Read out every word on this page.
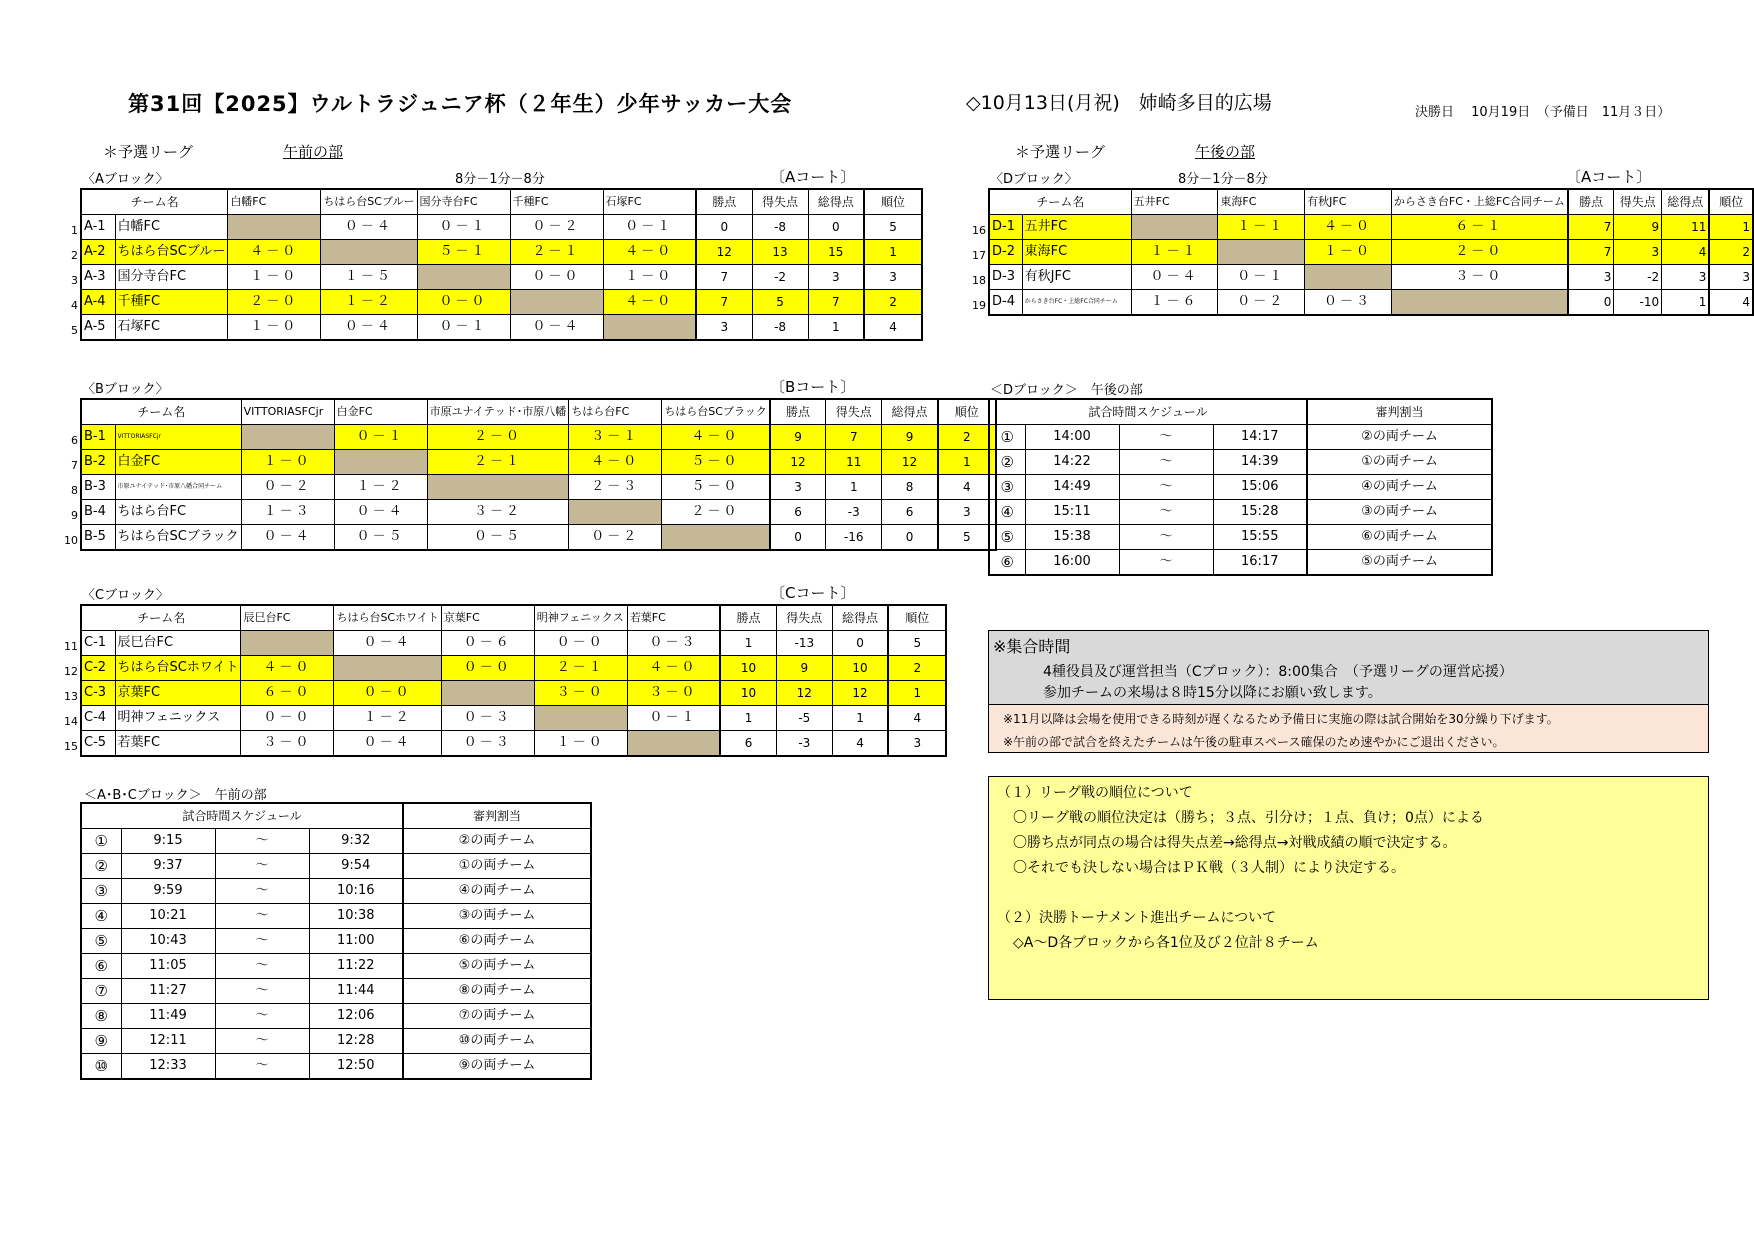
第31回【2025】ウルトラジュニア杯（２年生）少年サッカー大会	◇10月13日(月祝)　姉崎多目的広場	決勝日　 10月19日　（予備日　11月３日）
＊予選リーグ	午前の部	午後の部
＊予選リーグ
〈Aブロック〉	8分－1分－8分	〔Aコート〕
1
2
3
4
5
チーム名		白幡FC	ちはら台SCブルー	国分寺台FC	千種FC	石塚FC	勝点	得失点	総得点	順位
A-1	白幡FC		０－４	０－１	０－２	０－１	0	-8	0	5
A-2	ちはら台SCブルー	４－０		５－１	２－１	４－０	12	13	15	1
A-3	国分寺台FC	１－０	１－５		０－０	１－０	7	-2	3	3
A-4	千種FC	２－０	１－２	０－０		４－０	7	5	7	2
A-5	石塚FC	１－０	０－４	０－１	０－４		3	-8	1	4
〈Bブロック〉	〔Bコート〕
6
7
8
9
10
チーム名		VITTORIASFCjr	白金FC	市原ユナイテッド･市原八幡	ちはら台FC	ちはら台SCブラック	勝点	得失点	総得点	順位
B-1	VITTORIASFCjr		０－１	２－０	３－１	４－０	9	7	9	2
B-2	白金FC	１－０		２－１	４－０	５－０	12	11	12	1
B-3	市原ユナイテッド･市原八幡合同チーム	０－２	１－２		２－３	５－０	3	1	8	4
B-4	ちはら台FC	１－３	０－４	３－２		２－０	6	-3	6	3
B-5	ちはら台SCブラック	０－４	０－５	０－５	０－２		0	-16	0	5
〈Cブロック〉	〔Cコート〕
11
12
13
14
15
チーム名		辰巳台FC	ちはら台SCホワイト	京葉FC	明神フェニックス	若葉FC	勝点	得失点	総得点	順位
C-1	辰巳台FC		０－４	０－６	０－０	０－３	1	-13	0	5
C-2	ちはら台SCホワイト	４－０		０－０	２－１	４－０	10	9	10	2
C-3	京葉FC	６－０	０－０		３－０	３－０	10	12	12	1
C-4	明神フェニックス	０－０	１－２	０－３		０－１	1	-5	1	4
C-5	若葉FC	３－０	０－４	０－３	１－０		6	-3	4	3
〈Dブロック〉	8分－1分－8分	〔Aコート〕
16
17
18
19
チーム名		五井FC	東海FC	有秋JFC	からさき台FC・上総FC合同チーム	勝点	得失点	総得点	順位
D-1	五井FC		１－１	４－０	６－１	7	9	11	1
D-2	東海FC	１－１		１－０	２－０	7	3	4	2
D-3	有秋JFC	０－４	０－１		３－０	3	-2	3	3
D-4	からさき台FC・上総FC合同チーム	１－６	０－２	０－３		0	-10	1	4
＜Dブロック＞　午後の部
試合時間スケジュール				審判割当
①	14:00	～	14:17	②の両チーム
②	14:22	～	14:39	①の両チーム
③	14:49	～	15:06	④の両チーム
④	15:11	～	15:28	③の両チーム
⑤	15:38	～	15:55	⑥の両チーム
⑥	16:00	～	16:17	⑤の両チーム
＜A･B･Cブロック＞　午前の部
試合時間スケジュール				審判割当
①	9:15	～	9:32	②の両チーム
②	9:37	～	9:54	①の両チーム
③	9:59	～	10:16	④の両チーム
④	10:21	～	10:38	③の両チーム
⑤	10:43	～	11:00	⑥の両チーム
⑥	11:05	～	11:22	⑤の両チーム
⑦	11:27	～	11:44	⑧の両チーム
⑧	11:49	～	12:06	⑦の両チーム
⑨	12:11	～	12:28	⑩の両チーム
⑩	12:33	～	12:50	⑨の両チーム
※集合時間
4種役員及び運営担当（Cブロック）：8:00集合　（予選リーグの運営応援）
参加チームの来場は８時15分以降にお願い致します。
※11月以降は会場を使用できる時刻が遅くなるため予備日に実施の際は試合開始を30分繰り下げます。
※午前の部で試合を終えたチームは午後の駐車スペース確保のため速やかにご退出ください。
（１）リーグ戦の順位について
〇リーグ戦の順位決定は（勝ち；３点、引分け；１点、負け；0点）による
〇勝ち点が同点の場合は得失点差→総得点→対戦成績の順で決定する。
〇それでも決しない場合はＰＫ戦（３人制）により決定する。
（２）決勝トーナメント進出チームについて
◇A～D各ブロックから各1位及び２位計８チーム
